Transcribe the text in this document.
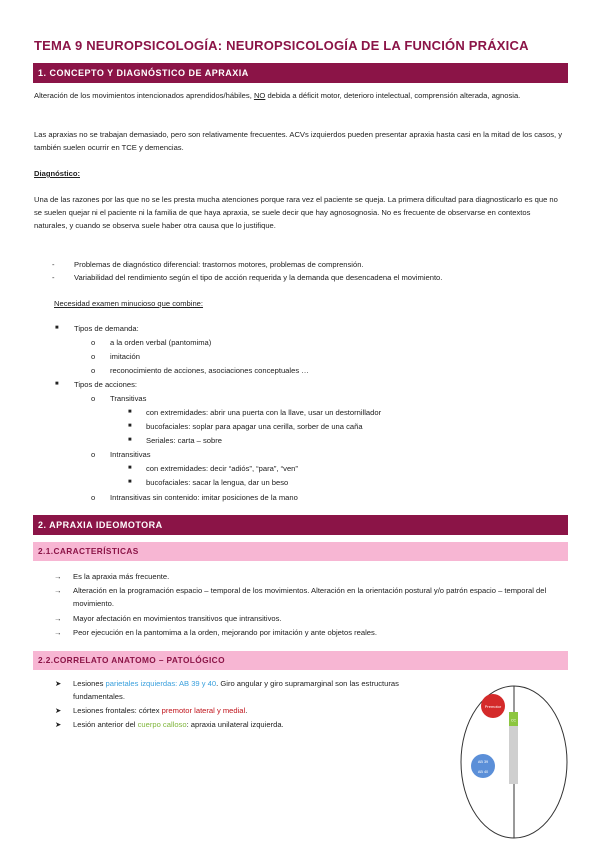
TEMA 9 NEUROPSICOLOGÍA: NEUROPSICOLOGÍA DE LA FUNCIÓN PRÁXICA
1. CONCEPTO Y DIAGNÓSTICO DE APRAXIA
Alteración de los movimientos intencionados aprendidos/hábiles, NO debida a déficit motor, deterioro intelectual, comprensión alterada, agnosia.
Las apraxias no se trabajan demasiado, pero son relativamente frecuentes. ACVs izquierdos pueden presentar apraxia hasta casi en la mitad de los casos, y también suelen ocurrir en TCE y demencias.
Diagnóstico:
Una de las razones por las que no se les presta mucha atenciones porque rara vez el paciente se queja. La primera dificultad para diagnosticarlo es que no se suelen quejar ni el paciente ni la familia de que haya apraxia, se suele decir que hay agnosognosia. No es frecuente de observarse en contextos naturales, y cuando se observa suele haber otra causa que lo justifique.
-	Problemas de diagnóstico diferencial: trastornos motores, problemas de comprensión.
-	Variabilidad del rendimiento según el tipo de acción requerida y la demanda que desencadena el movimiento.
Necesidad examen minucioso que combine:
■ Tipos de demanda:
o a la orden verbal (pantomima)
o imitación
o reconocimiento de acciones, asociaciones conceptuales …
■ Tipos de acciones:
o Transitivas
■ con extremidades: abrir una puerta con la llave, usar un destornillador
■ bucofaciales: soplar para apagar una cerilla, sorber de una caña
■ Seriales: carta – sobre
o Intransitivas
■ con extremidades: decir “adiós”, “para”, “ven”
■ bucofaciales: sacar la lengua, dar un beso
o Intransitivas sin contenido: imitar posiciones de la mano
2. APRAXIA IDEOMOTORA
2.1.CARACTERÍSTICAS
→ Es la apraxia más frecuente.
→ Alteración en la programación espacio – temporal de los movimientos. Alteración en la orientación postural y/o patrón espacio – temporal del movimiento.
→ Mayor afectación en movimientos transitivos que intransitivos.
→ Peor ejecución en la pantomima a la orden, mejorando por imitación y ante objetos reales.
2.2.CORRELATO ANATOMO – PATOLÓGICO
➤ Lesiones parietales izquierdas: AB 39 y 40. Giro angular y giro supramarginal son las estructuras fundamentales.
➤ Lesiones frontales: córtex premotor lateral y medial.
➤ Lesión anterior del cuerpo calloso: apraxia unilateral izquierda.	CC
Premotor
AB 39
AB 40
